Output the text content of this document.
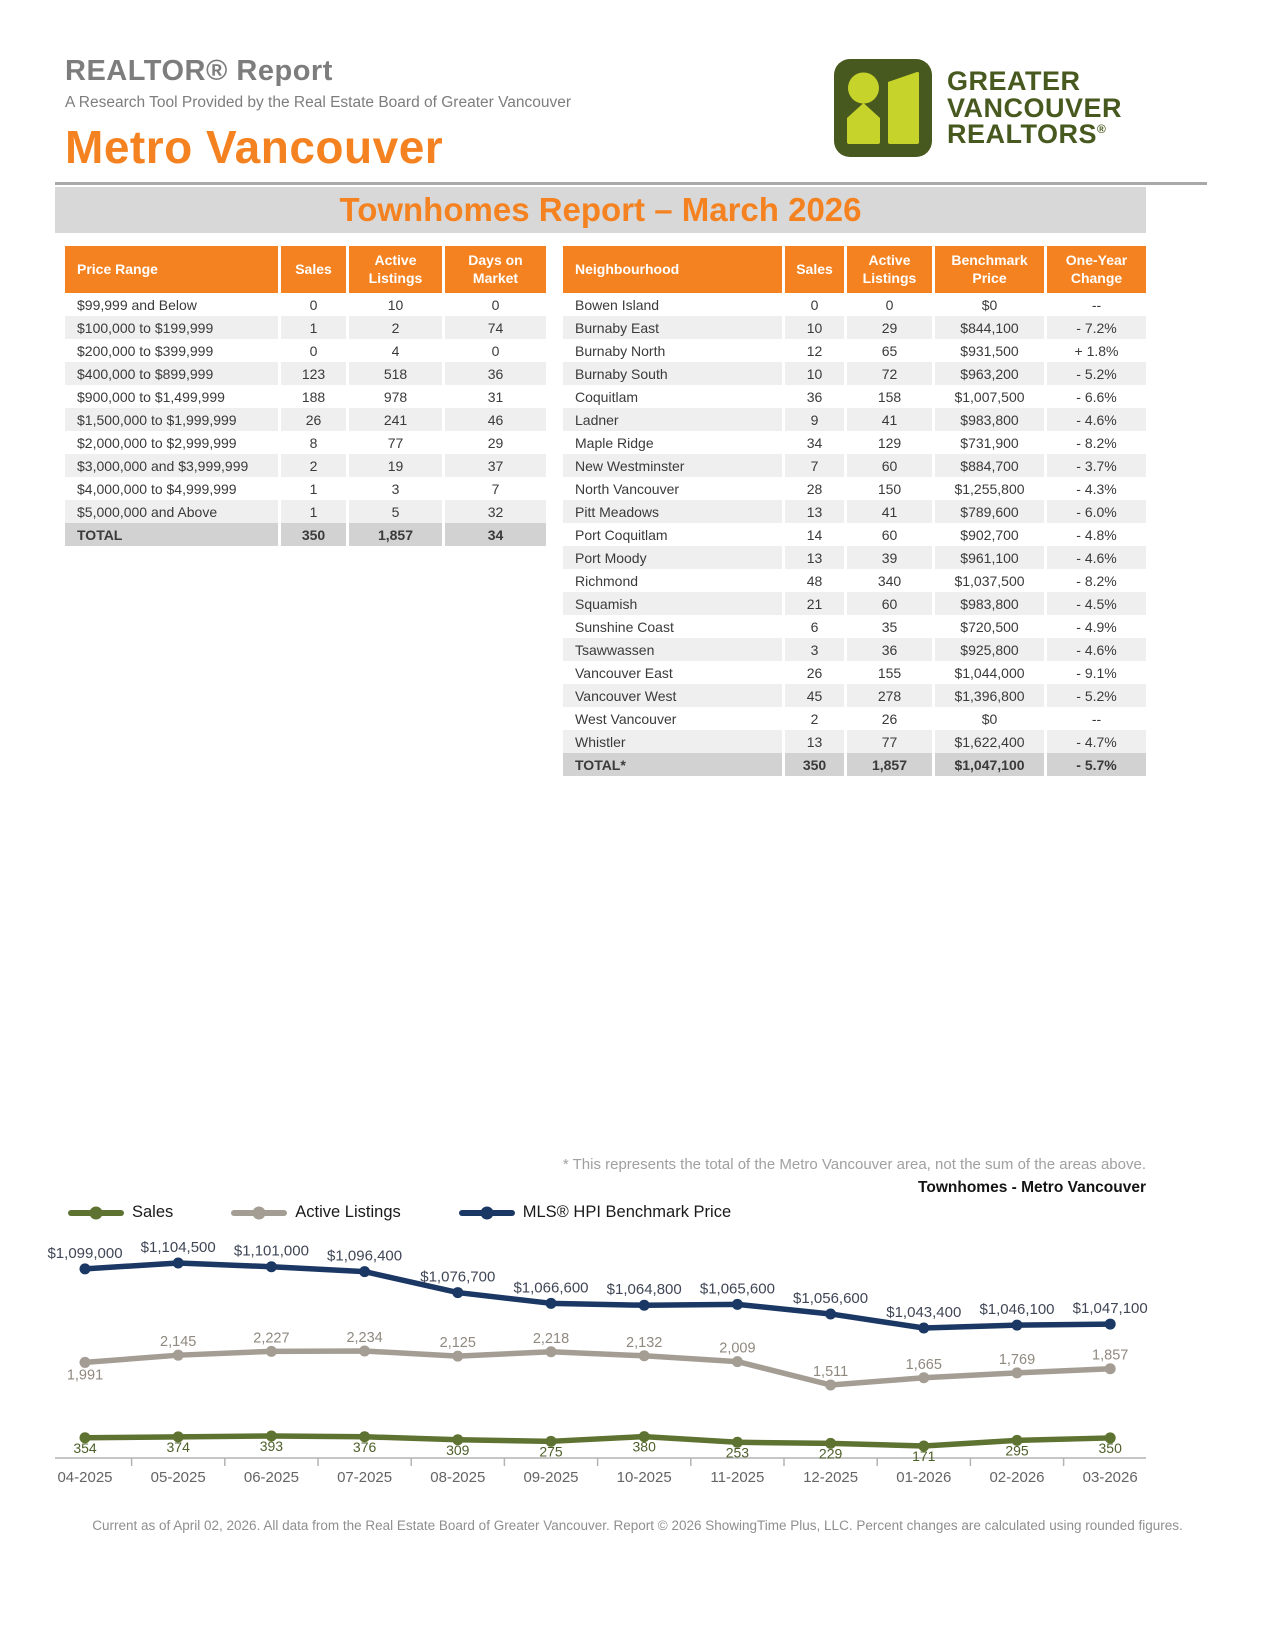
REALTOR® Report
A Research Tool Provided by the Real Estate Board of Greater Vancouver
Metro Vancouver
GREATER
VANCOUVER
REALTORS®
Townhomes Report – March 2026
Price Range	Sales	Active Listings	Days on Market
$99,999 and Below	0	10	0
$100,000 to $199,999	1	2	74
$200,000 to $399,999	0	4	0
$400,000 to $899,999	123	518	36
$900,000 to $1,499,999	188	978	31
$1,500,000 to $1,999,999	26	241	46
$2,000,000 to $2,999,999	8	77	29
$3,000,000 and $3,999,999	2	19	37
$4,000,000 to $4,999,999	1	3	7
$5,000,000 and Above	1	5	32
TOTAL	350	1,857	34
Neighbourhood	Sales	Active Listings	Benchmark Price	One-Year Change
Bowen Island	0	0	$0	--
Burnaby East	10	29	$844,100	- 7.2%
Burnaby North	12	65	$931,500	+ 1.8%
Burnaby South	10	72	$963,200	- 5.2%
Coquitlam	36	158	$1,007,500	- 6.6%
Ladner	9	41	$983,800	- 4.6%
Maple Ridge	34	129	$731,900	- 8.2%
New Westminster	7	60	$884,700	- 3.7%
North Vancouver	28	150	$1,255,800	- 4.3%
Pitt Meadows	13	41	$789,600	- 6.0%
Port Coquitlam	14	60	$902,700	- 4.8%
Port Moody	13	39	$961,100	- 4.6%
Richmond	48	340	$1,037,500	- 8.2%
Squamish	21	60	$983,800	- 4.5%
Sunshine Coast	6	35	$720,500	- 4.9%
Tsawwassen	3	36	$925,800	- 4.6%
Vancouver East	26	155	$1,044,000	- 9.1%
Vancouver West	45	278	$1,396,800	- 5.2%
West Vancouver	2	26	$0	--
Whistler	13	77	$1,622,400	- 4.7%
TOTAL*	350	1,857	$1,047,100	- 5.7%
* This represents the total of the Metro Vancouver area, not the sum of the areas above.
Townhomes - Metro Vancouver
Sales	Active Listings	MLS® HPI Benchmark Price
04-2025	05-2025	06-2025	07-2025	08-2025	09-2025	10-2025	11-2025	12-2025	01-2026	02-2026	03-2026
354	374	393	376	309	275	380	253	229	171	295	350
1,991
2,145	2,227	2,234	2,125	2,218	2,132	2,009
1,511	1,665	1,769	1,857
$1,099,000 $1,104,500 $1,101,000 $1,096,400
$1,076,700
$1,066,600 $1,064,800 $1,065,600
$1,056,600
$1,043,400 $1,046,100 $1,047,100
Current as of April 02, 2026. All data from the Real Estate Board of Greater Vancouver. Report © 2026 ShowingTime Plus, LLC. Percent changes are calculated using rounded figures.
